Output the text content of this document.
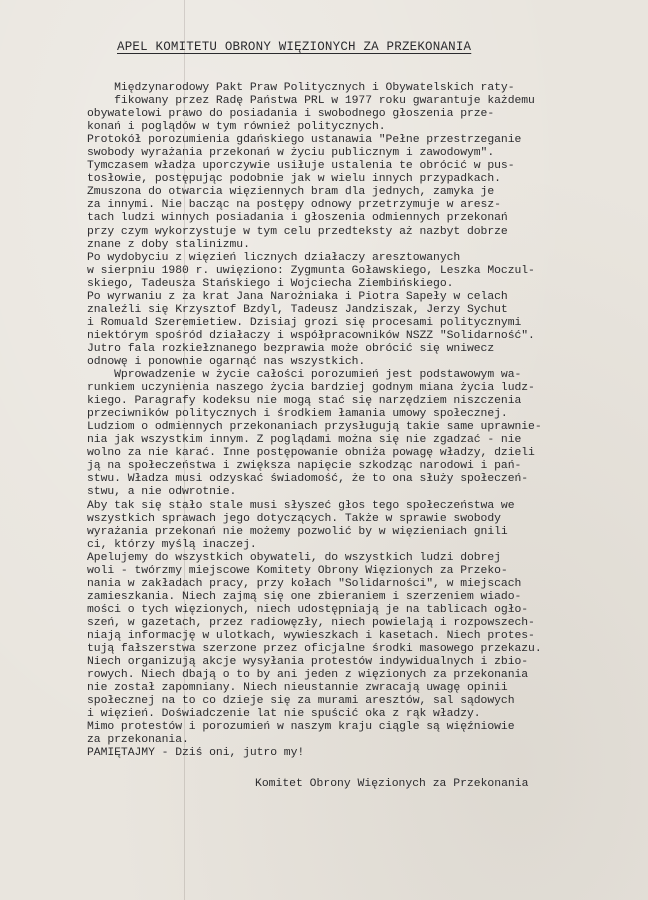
APEL KOMITETU OBRONY WIĘZIONYCH ZA PRZEKONANIA
Międzynarodowy Pakt Praw Politycznych i Obywatelskich raty-
fikowany przez Radę Państwa PRL w 1977 roku gwarantuje każdemu
obywatelowi prawo do posiadania i swobodnego głoszenia prze-
konań i poglądów w tym również politycznych.
Protokół porozumienia gdańskiego ustanawia "Pełne przestrzeganie
swobody wyrażania przekonań w życiu publicznym i zawodowym".
Tymczasem władza uporczywie usiłuje ustalenia te obrócić w pus-
tosłowie, postępując podobnie jak w wielu innych przypadkach.
Zmuszona do otwarcia więziennych bram dla jednych, zamyka je
za innymi. Nie bacząc na postępy odnowy przetrzymuje w aresz-
tach ludzi winnych posiadania i głoszenia odmiennych przekonań
przy czym wykorzystuje w tym celu przedteksty aż nazbyt dobrze
znane z doby stalinizmu.
Po wydobyciu z więzień licznych działaczy aresztowanych
w sierpniu 1980 r. uwięziono: Zygmunta Goławskiego, Leszka Moczul-
skiego, Tadeusza Stańskiego i Wojciecha Ziembińskiego.
Po wyrwaniu z za krat Jana Narożniaka i Piotra Sapeły w celach
znaleźli się Krzysztof Bzdyl, Tadeusz Jandziszak, Jerzy Sychut
i Romuald Szeremietiew. Dzisiaj grozi się procesami politycznymi
niektórym spośród działaczy i współpracowników NSZZ "Solidarność".
Jutro fala rozkiełznanego bezprawia może obrócić się wniwecz
odnowę i ponownie ogarnąć nas wszystkich.
Wprowadzenie w życie całości porozumień jest podstawowym wa-
runkiem uczynienia naszego życia bardziej godnym miana życia ludz-
kiego. Paragrafy kodeksu nie mogą stać się narzędziem niszczenia
przeciwników politycznych i środkiem łamania umowy społecznej.
Ludziom o odmiennych przekonaniach przysługują takie same uprawnie-
nia jak wszystkim innym. Z poglądami można się nie zgadzać - nie
wolno za nie karać. Inne postępowanie obniża powagę władzy, dzieli
ją na społeczeństwa i zwiększa napięcie szkodząc narodowi i pań-
stwu. Władza musi odzyskać świadomość, że to ona służy społeczeń-
stwu, a nie odwrotnie.
Aby tak się stało stale musi słyszeć głos tego społeczeństwa we
wszystkich sprawach jego dotyczących. Także w sprawie swobody
wyrażania przekonań nie możemy pozwolić by w więzieniach gnili
ci, którzy myślą inaczej.
Apelujemy do wszystkich obywateli, do wszystkich ludzi dobrej
woli - twórzmy miejscowe Komitety Obrony Więzionych za Przeko-
nania w zakładach pracy, przy kołach "Solidarności", w miejscach
zamieszkania. Niech zajmą się one zbieraniem i szerzeniem wiado-
mości o tych więzionych, niech udostępniają je na tablicach ogło-
szeń, w gazetach, przez radiowęzły, niech powielają i rozpowszech-
niają informację w ulotkach, wywieszkach i kasetach. Niech protes-
tują fałszerstwa szerzone przez oficjalne środki masowego przekazu.
Niech organizują akcje wysyłania protestów indywidualnych i zbio-
rowych. Niech dbają o to by ani jeden z więzionych za przekonania
nie został zapomniany. Niech nieustannie zwracają uwagę opinii
społecznej na to co dzieje się za murami aresztów, sal sądowych
i więzień. Doświadczenie lat nie spuścić oka z rąk władzy.
Mimo protestów i porozumień w naszym kraju ciągle są więźniowie
za przekonania.
PAMIĘTAJMY - Dziś oni, jutro my!
Komitet Obrony Więzionych za Przekonania
